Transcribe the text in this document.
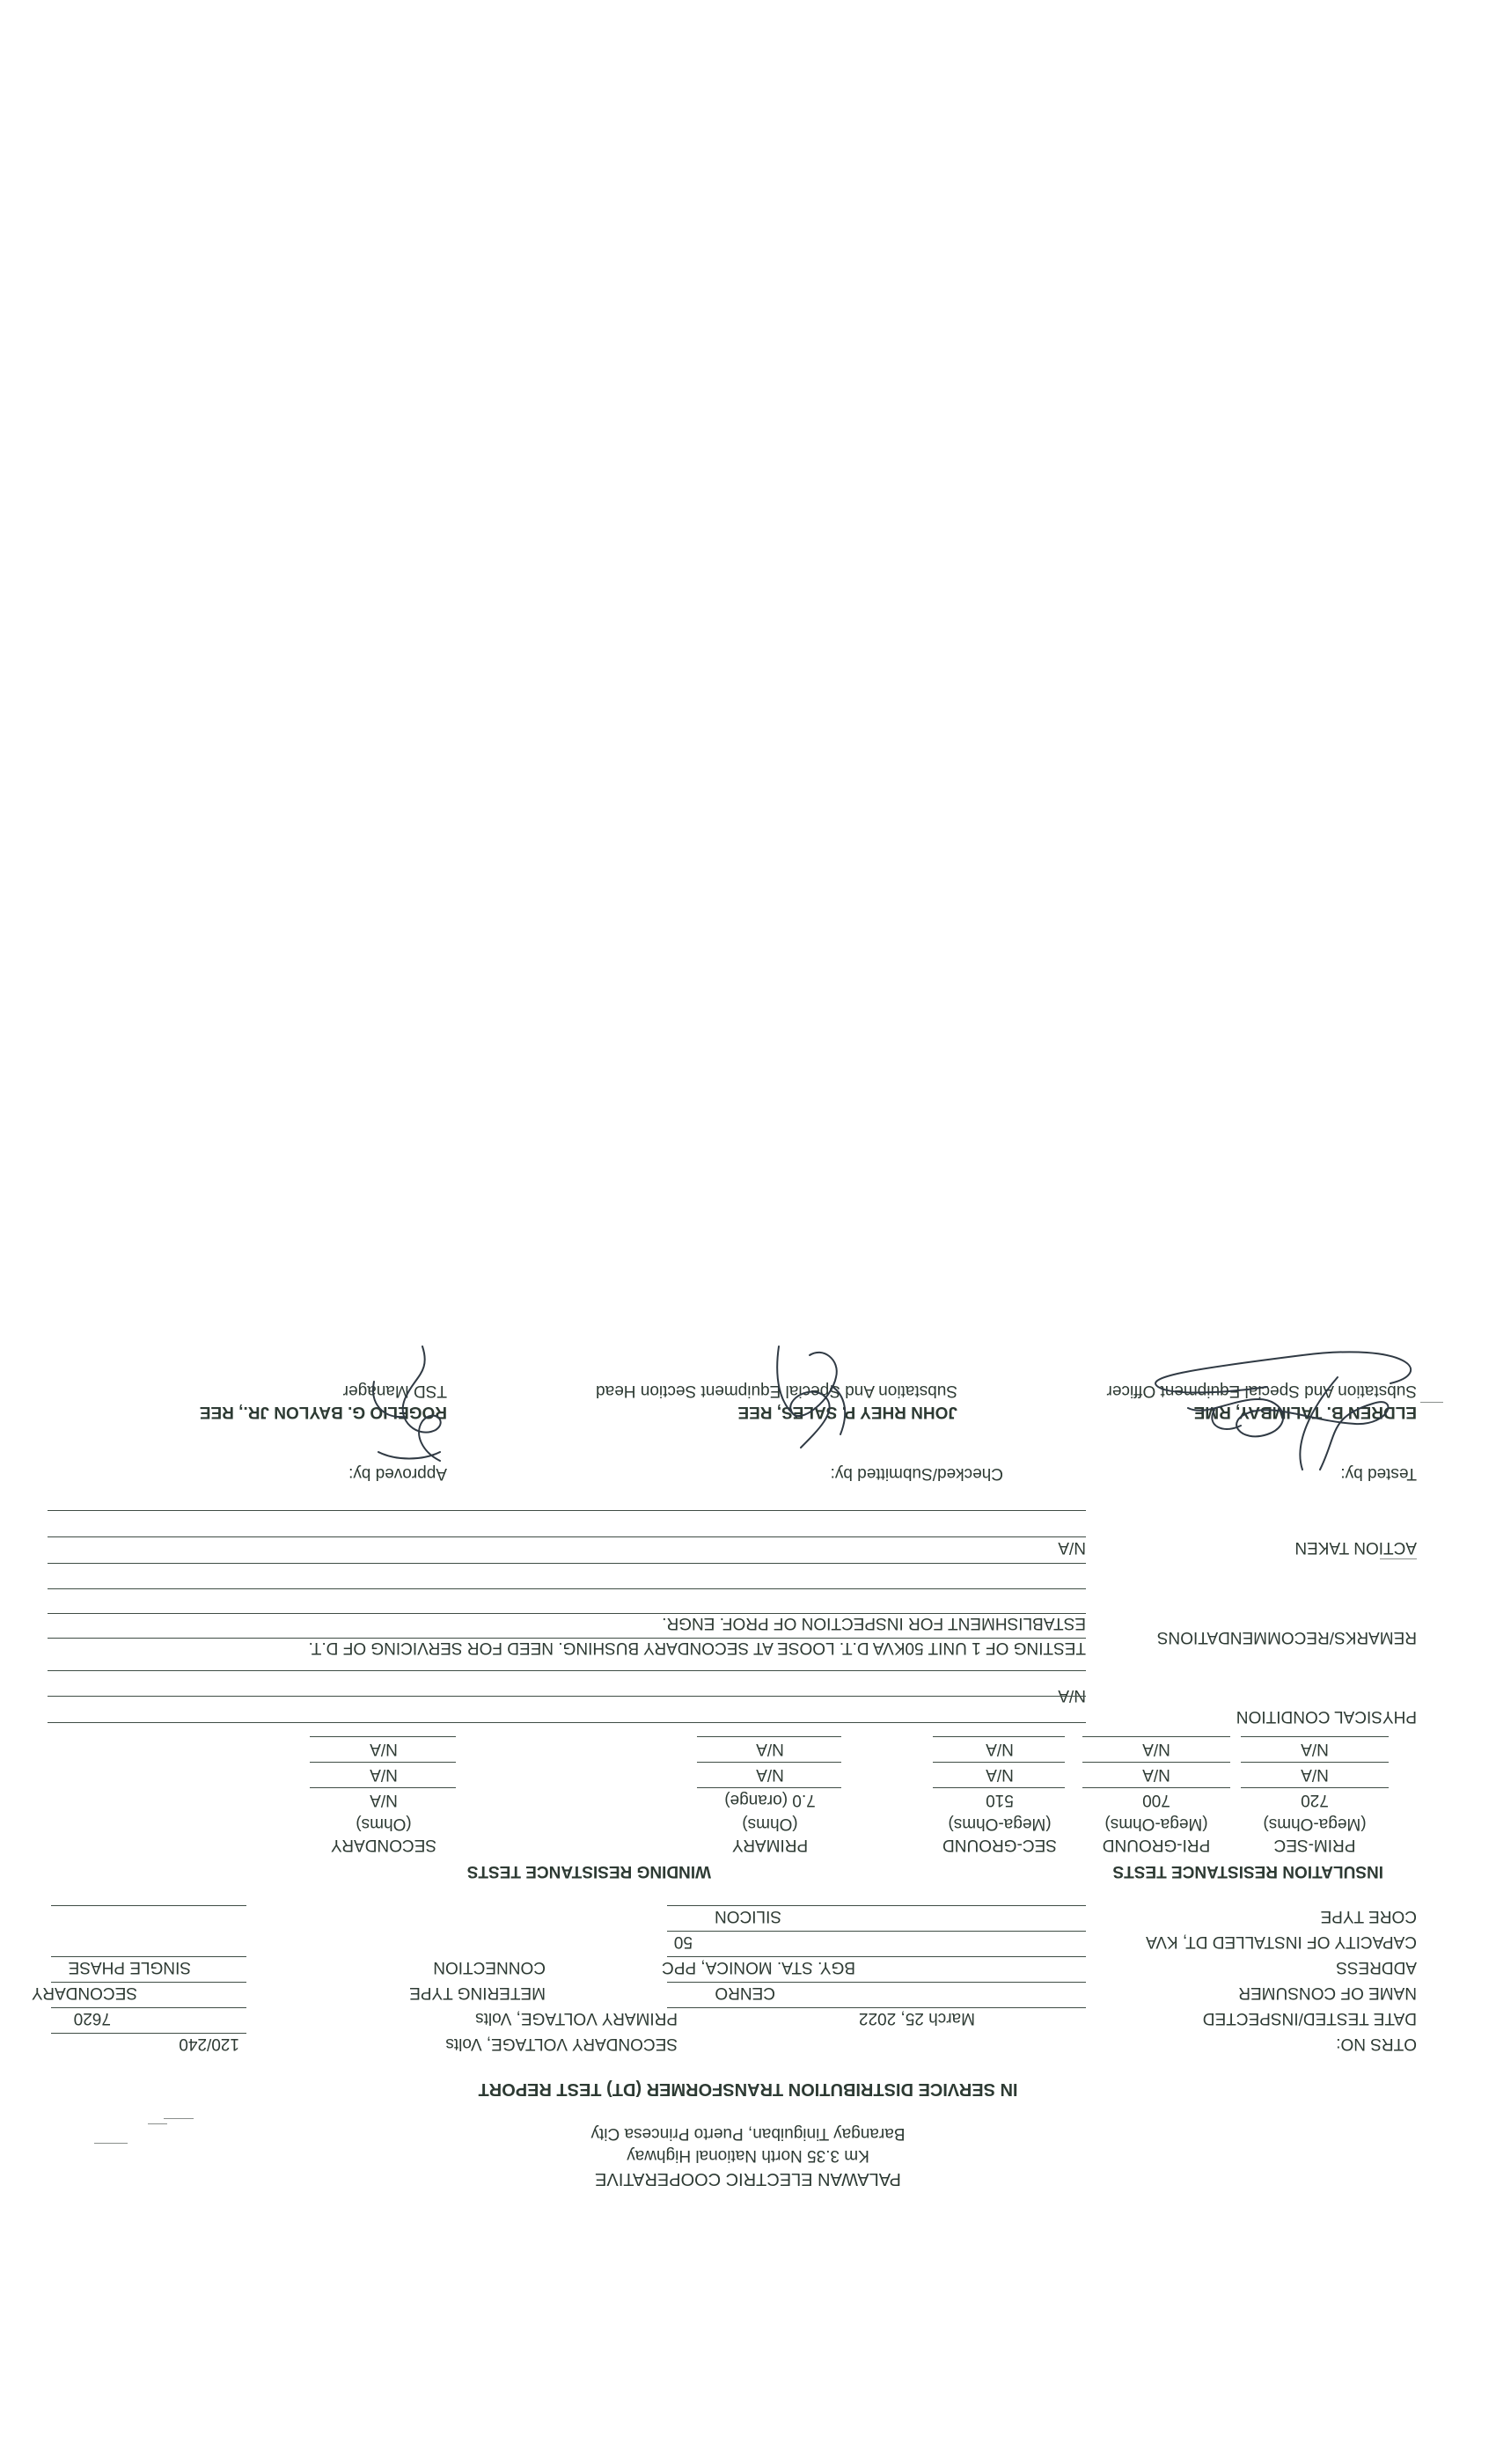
PALAWAN ELECTRIC COOPERATIVE
Km 3.35 North National Highway
Barangay Tiniguiban, Puerto Princesa City
IN SERVICE DISTRIBUTION TRANSFORMER (DT) TEST REPORT
OTRS NO:
SECONDARY VOLTAGE, Volts
120/240
DATE TESTED/INSPECTED
March 25, 2022
PRIMARY VOLTAGE, Volts
7620
NAME OF CONSUMER
CENRO
METERING TYPE
SECONDARY
ADDRESS
BGY. STA. MONICA, PPC
CONNECTION
SINGLE PHASE
CAPACITY OF INSTALLED DT, KVA
50
CORE TYPE
SILICON
INSULATION RESISTANCE TESTS
WINDING RESISTANCE TESTS
PRIM-SEC
(Mega-Ohms)
720
N/A
N/A
PRI-GROUND
(Mega-Ohms)
700
N/A
N/A
SEC-GROUND
(Mega-Ohms)
510
N/A
N/A
PRIMARY
(Ohms)
7.0 (orange)
N/A
N/A
SECONDARY
(Ohms)
N/A
N/A
N/A
PHYSICAL CONDITION
N/A
REMARKS/RECOMMENDATIONS
TESTING OF 1 UNIT 50KVA D.T. LOOSE AT SECONDARY BUSHING. NEED FOR SERVICING OF D.T.
ESTABLISHMENT FOR INSPECTION OF PROF. ENGR.
ACTION TAKEN
N/A
Tested by:
ELDREN B. TALIMBAY, RME
Substation And Special Equipment Officer
Checked/Submitted by:
JOHN RHEY P. SALES, REE
Substation And Special Equipment Section Head
Approved by:
ROGELIO G. BAYLON JR., REE
TSD Manager
